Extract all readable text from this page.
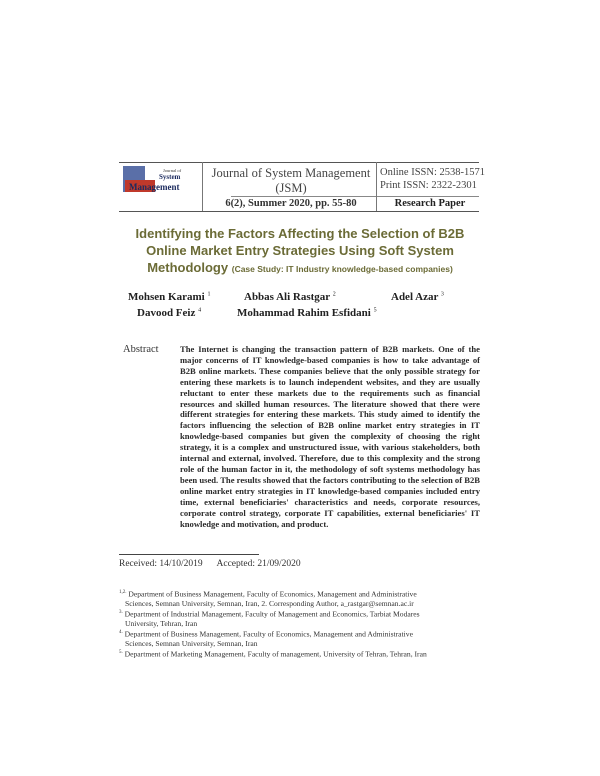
Journal of
System
Management
Journal of System Management
(JSM)
Online ISSN: 2538-1571
Print ISSN: 2322-2301
6(2), Summer 2020, pp. 55-80	Research Paper
Identifying the Factors Affecting the Selection of B2B
Online Market Entry Strategies Using Soft System
Methodology (Case Study: IT Industry knowledge-based companies)
Mohsen Karami $^1$	Abbas Ali Rastgar $^2$	Adel Azar $^3$
Davood Feiz $^4$	Mohammad Rahim Esfidani $^5$
Abstract The Internet is changing the transaction pattern of B2B markets. One of the major concerns of IT knowledge-based companies is how to take advantage of B2B online markets. These companies believe that the only possible strategy for entering these markets is to launch independent websites, and they are usually reluctant to enter these markets due to the requirements such as financial resources and skilled human resources. The literature showed that there were different strategies for entering these markets. This study aimed to identify the factors influencing the selection of B2B online market entry strategies in IT knowledge-based companies but given the complexity of choosing the right strategy, it is a complex and unstructured issue, with various stakeholders, both internal and external, involved. Therefore, due to this complexity and the strong role of the human factor in it, the methodology of soft systems methodology has been used. The results showed that the factors contributing to the selection of B2B online market entry strategies in IT knowledge-based companies included entry time, external beneficiaries' characteristics and needs, corporate resources, corporate control strategy, corporate IT capabilities, external beneficiaries' IT knowledge and motivation, and product.
Received: 14/10/2019 Accepted: 21/09/2020
$^{1,2.}$ Department of Business Management, Faculty of Economics, Management and Administrative
Sciences, Semnan University, Semnan, Iran, 2. Corresponding Author, a_rastgar@semnan.ac.ir
$^{3.}$ Department of Industrial Management, Faculty of Management and Economics, Tarbiat Modares
University, Tehran, Iran
$^{4.}$ Department of Business Management, Faculty of Economics, Management and Administrative
Sciences, Semnan University, Semnan, Iran
$^{5.}$ Department of Marketing Management, Faculty of management, University of Tehran, Tehran, Iran
